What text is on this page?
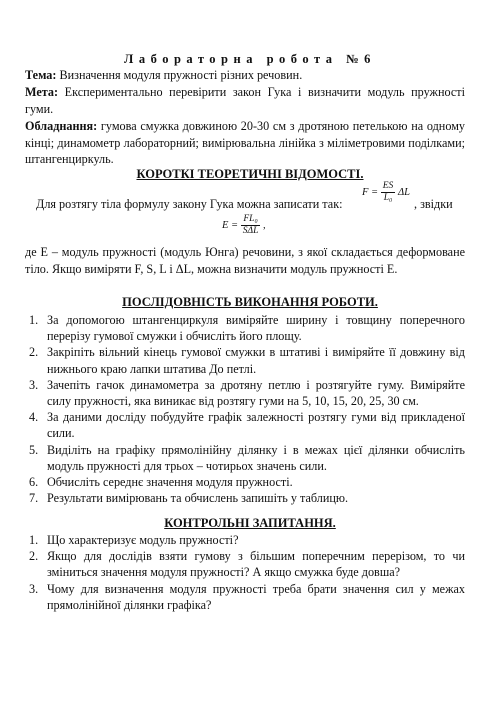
Лабораторна робота №6
Тема: Визначення модуля пружності різних речовин.
Мета: Експериментально перевірити закон Гука і визначити модуль пружності гуми.
Обладнання: гумова смужка довжиною 20-30 см з дротяною петелькою на одному кінці; динамометр лабораторний; вимірювальна лінійка з міліметровими поділками; штангенциркуль.
КОРОТКІ ТЕОРЕТИЧНІ ВІДОМОСТІ.
Для розтягу тіла формулу закону Гука можна записати так:
$F = \frac{ES}{\text{L₀}}$ ΔL
, звідки
$E = \frac{\text{FL₀}}{\text{SΔL}}$ ,
де E – модуль пружності (модуль Юнга) речовини, з якої складається деформоване тіло. Якщо виміряти F, S, L і ΔL, можна визначити модуль пружності E.
ПОСЛІДОВНІСТЬ ВИКОНАННЯ РОБОТИ.
1. За допомогою штангенциркуля виміряйте ширину і товщину поперечного перерізу гумової смужки і обчисліть його площу.
2. Закріпіть вільний кінець гумової смужки в штативі і виміряйте її довжину від нижнього краю лапки штатива До петлі.
3. Зачепіть гачок динамометра за дротяну петлю і розтягуйте гуму. Виміряйте силу пружності, яка виникає від розтягу гуми на 5, 10, 15, 20, 25, 30 см.
4. За даними досліду побудуйте графік залежності розтягу гуми від прикладеної сили.
5. Виділіть на графіку прямолінійну ділянку і в межах цієї ділянки обчисліть модуль пружності для трьох – чотирьох значень сили.
6. Обчисліть середнє значення модуля пружності.
7. Результати вимірювань та обчислень запишіть у таблицю.
КОНТРОЛЬНІ ЗАПИТАННЯ.
1. Що характеризує модуль пружності?
2. Якщо для дослідів взяти гумову з більшим поперечним перерізом, то чи зміниться значення модуля пружності? А якщо смужка буде довша?
3. Чому для визначення модуля пружності треба брати значення сил у межах прямолінійної ділянки графіка?
